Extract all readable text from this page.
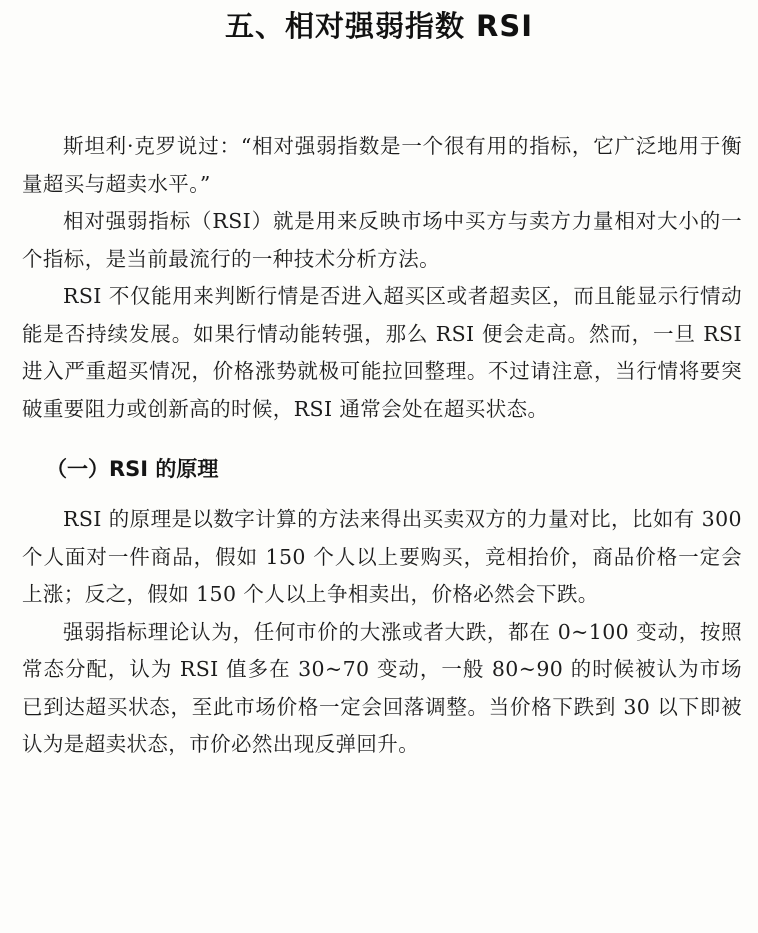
五、相对强弱指数 RSI

斯坦利·克罗说过：“相对强弱指数是一个很有用的指标，它广泛地用于衡量超买与超卖水平。”

相对强弱指标（RSI）就是用来反映市场中买方与卖方力量相对大小的一个指标，是当前最流行的一种技术分析方法。

RSI 不仅能用来判断行情是否进入超买区或者超卖区，而且能显示行情动能是否持续发展。如果行情动能转强，那么 RSI 便会走高。然而，一旦 RSI 进入严重超买情况，价格涨势就极可能拉回整理。不过请注意，当行情将要突破重要阻力或创新高的时候，RSI 通常会处在超买状态。

（一）RSI 的原理

RSI 的原理是以数字计算的方法来得出买卖双方的力量对比，比如有 300 个人面对一件商品，假如 150 个人以上要购买，竞相抬价，商品价格一定会上涨；反之，假如 150 个人以上争相卖出，价格必然会下跌。

强弱指标理论认为，任何市价的大涨或者大跌，都在 0~100 变动，按照常态分配，认为 RSI 值多在 30~70 变动，一般 80~90 的时候被认为市场已到达超买状态，至此市场价格一定会回落调整。当价格下跌到 30 以下即被认为是超卖状态，市价必然出现反弹回升。
